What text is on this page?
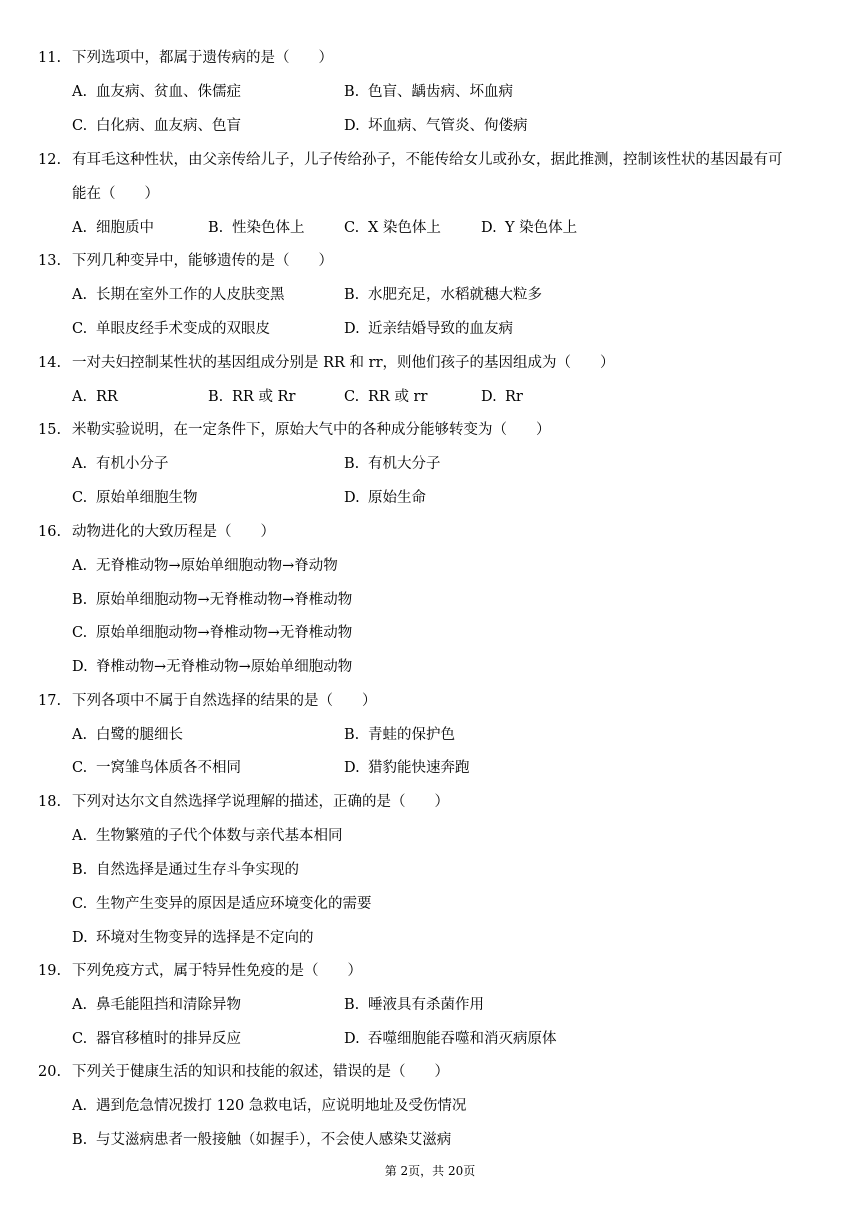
11. 下列选项中，都属于遗传病的是（　　）
A. 血友病、贫血、侏儒症	B. 色盲、龋齿病、坏血病
C. 白化病、血友病、色盲	D. 坏血病、气管炎、佝偻病
12. 有耳毛这种性状，由父亲传给儿子，儿子传给孙子，不能传给女儿或孙女，据此推测，控制该性状的基因最有可
能在（　　）
A. 细胞质中	B. 性染色体上	C. X 染色体上	D. Y 染色体上
13. 下列几种变异中，能够遗传的是（　　）
A. 长期在室外工作的人皮肤变黑	B. 水肥充足，水稻就穗大粒多
C. 单眼皮经手术变成的双眼皮	D. 近亲结婚导致的血友病
14. 一对夫妇控制某性状的基因组成分别是 RR 和 rr，则他们孩子的基因组成为（　　）
A. RR	B. RR 或 Rr	C. RR 或 rr	D. Rr
15. 米勒实验说明，在一定条件下，原始大气中的各种成分能够转变为（　　）
A. 有机小分子	B. 有机大分子
C. 原始单细胞生物	D. 原始生命
16. 动物进化的大致历程是（　　）
A. 无脊椎动物→原始单细胞动物→脊动物
B. 原始单细胞动物→无脊椎动物→脊椎动物
C. 原始单细胞动物→脊椎动物→无脊椎动物
D. 脊椎动物→无脊椎动物→原始单细胞动物
17. 下列各项中不属于自然选择的结果的是（　　）
A. 白鹭的腿细长	B. 青蛙的保护色
C. 一窝雏鸟体质各不相同	D. 猎豹能快速奔跑
18. 下列对达尔文自然选择学说理解的描述，正确的是（　　）
A. 生物繁殖的子代个体数与亲代基本相同
B. 自然选择是通过生存斗争实现的
C. 生物产生变异的原因是适应环境变化的需要
D. 环境对生物变异的选择是不定向的
19. 下列免疫方式，属于特异性免疫的是（　　）
A. 鼻毛能阻挡和清除异物	B. 唾液具有杀菌作用
C. 器官移植时的排异反应	D. 吞噬细胞能吞噬和消灭病原体
20. 下列关于健康生活的知识和技能的叙述，错误的是（　　）
A. 遇到危急情况拨打 120 急救电话，应说明地址及受伤情况
B. 与艾滋病患者一般接触（如握手），不会使人感染艾滋病
第 2页，共 20页
